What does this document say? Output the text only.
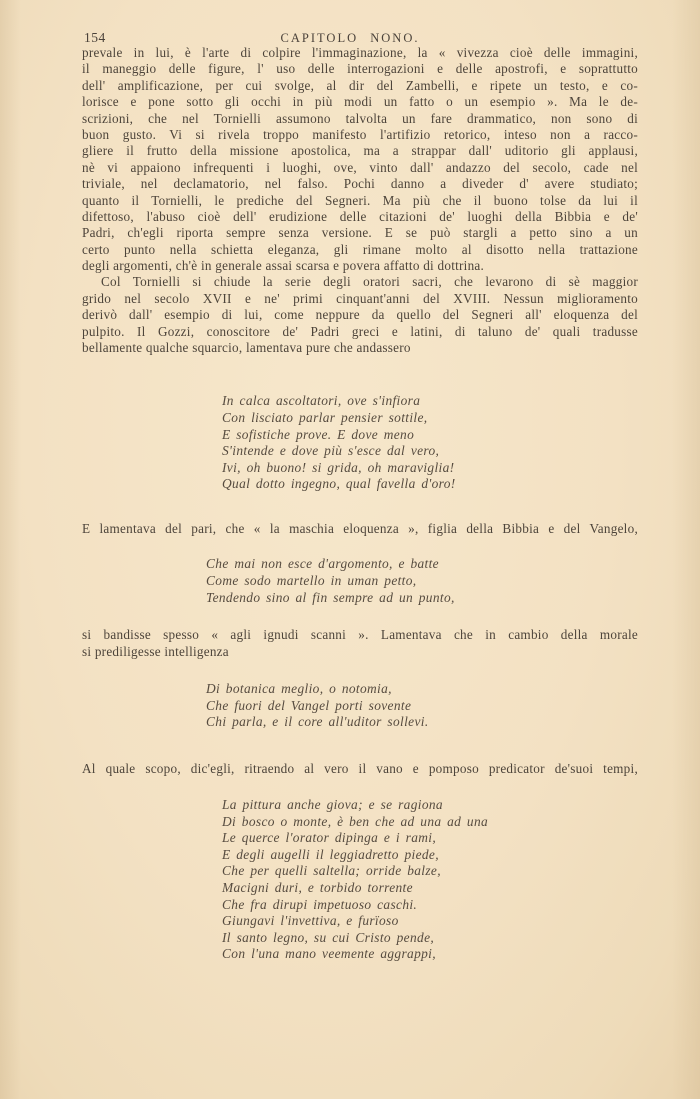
154	CAPITOLO NONO.
prevale in lui, è l'arte di colpire l'immaginazione, la « vivezza cioè delle immagini,
il maneggio delle figure, l' uso delle interrogazioni e delle apostrofi, e soprattutto
dell' amplificazione, per cui svolge, al dir del Zambelli, e ripete un testo, e co-
lorisce e pone sotto gli occhi in più modi un fatto o un esempio ». Ma le de-
scrizioni, che nel Tornielli assumono talvolta un fare drammatico, non sono di
buon gusto. Vi si rivela troppo manifesto l'artifizio retorico, inteso non a racco-
gliere il frutto della missione apostolica, ma a strappar dall' uditorio gli applausi,
nè vi appaiono infrequenti i luoghi, ove, vinto dall' andazzo del secolo, cade nel
triviale, nel declamatorio, nel falso. Pochi danno a diveder d' avere studiato;
quanto il Tornielli, le prediche del Segneri. Ma più che il buono tolse da lui il
difettoso, l'abuso cioè dell' erudizione delle citazioni de' luoghi della Bibbia e de'
Padri, ch'egli riporta sempre senza versione. E se può stargli a petto sino a un
certo punto nella schietta eleganza, gli rimane molto al disotto nella trattazione
degli argomenti, ch'è in generale assai scarsa e povera affatto di dottrina.
Col Tornielli si chiude la serie degli oratori sacri, che levarono di sè maggior
grido nel secolo XVII e ne' primi cinquant'anni del XVIII. Nessun miglioramento
derivò dall' esempio di lui, come neppure da quello del Segneri all' eloquenza del
pulpito. Il Gozzi, conoscitore de' Padri greci e latini, di taluno de' quali tradusse
bellamente qualche squarcio, lamentava pure che andassero
In calca ascoltatori, ove s'infiora
Con lisciato parlar pensier sottile,
E sofistiche prove. E dove meno
S'intende e dove più s'esce dal vero,
Ivi, oh buono! si grida, oh maraviglia!
Qual dotto ingegno, qual favella d'oro!
E lamentava del pari, che « la maschia eloquenza », figlia della Bibbia e del Vangelo,
Che mai non esce d'argomento, e batte
Come sodo martello in uman petto,
Tendendo sino al fin sempre ad un punto,
si bandisse spesso « agli ignudi scanni ». Lamentava che in cambio della morale
si prediligesse intelligenza
Di botanica meglio, o notomia,
Che fuori del Vangel porti sovente
Chi parla, e il core all'uditor sollevi.
Al quale scopo, dic'egli, ritraendo al vero il vano e pomposo predicator de'suoi tempi,
La pittura anche giova; e se ragiona
Di bosco o monte, è ben che ad una ad una
Le querce l'orator dipinga e i rami,
E degli augelli il leggiadretto piede,
Che per quelli saltella; orride balze,
Macigni duri, e torbido torrente
Che fra dirupi impetuoso caschi.
Giungavi l'invettiva, e furïoso
Il santo legno, su cui Cristo pende,
Con l'una mano veemente aggrappi,
